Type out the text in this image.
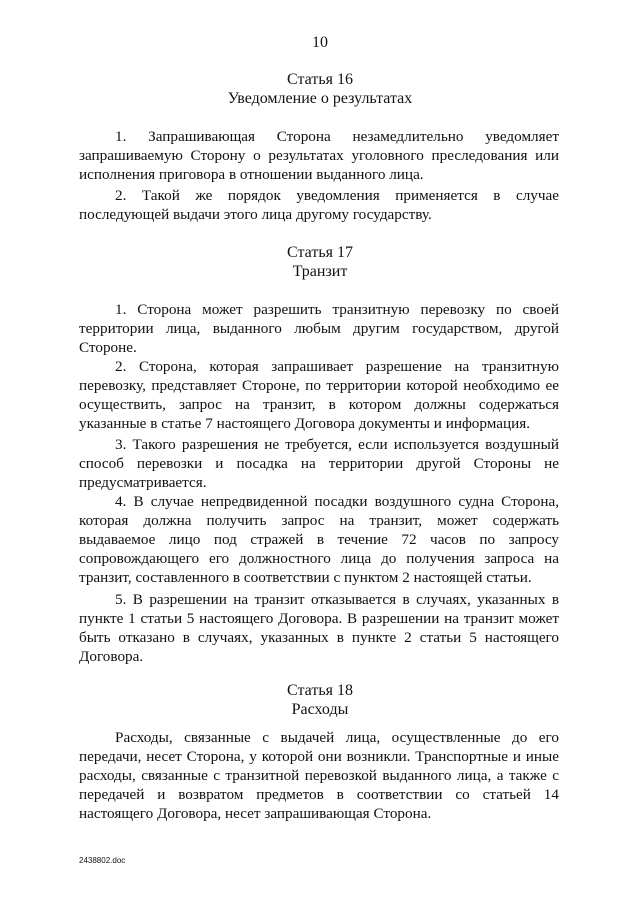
10
Статья 16
Уведомление о результатах
1. Запрашивающая Сторона незамедлительно уведомляет запрашиваемую Сторону о результатах уголовного преследования или исполнения приговора в отношении выданного лица.
2. Такой же порядок уведомления применяется в случае последующей выдачи этого лица другому государству.
Статья 17
Транзит
1. Сторона может разрешить транзитную перевозку по своей территории лица, выданного любым другим государством, другой Стороне.
2. Сторона, которая запрашивает разрешение на транзитную перевозку, представляет Стороне, по территории которой необходимо ее осуществить, запрос на транзит, в котором должны содержаться указанные в статье 7 настоящего Договора документы и информация.
3. Такого разрешения не требуется, если используется воздушный способ перевозки и посадка на территории другой Стороны не предусматривается.
4. В случае непредвиденной посадки воздушного судна Сторона, которая должна получить запрос на транзит, может содержать выдаваемое лицо под стражей в течение 72 часов по запросу сопровождающего его должностного лица до получения запроса на транзит, составленного в соответствии с пунктом 2 настоящей статьи.
5. В разрешении на транзит отказывается в случаях, указанных в пункте 1 статьи 5 настоящего Договора. В разрешении на транзит может быть отказано в случаях, указанных в пункте 2 статьи 5 настоящего Договора.
Статья 18
Расходы
Расходы, связанные с выдачей лица, осуществленные до его передачи, несет Сторона, у которой они возникли. Транспортные и иные расходы, связанные с транзитной перевозкой выданного лица, а также с передачей и возвратом предметов в соответствии со статьей 14 настоящего Договора, несет запрашивающая Сторона.
2438802.doc
